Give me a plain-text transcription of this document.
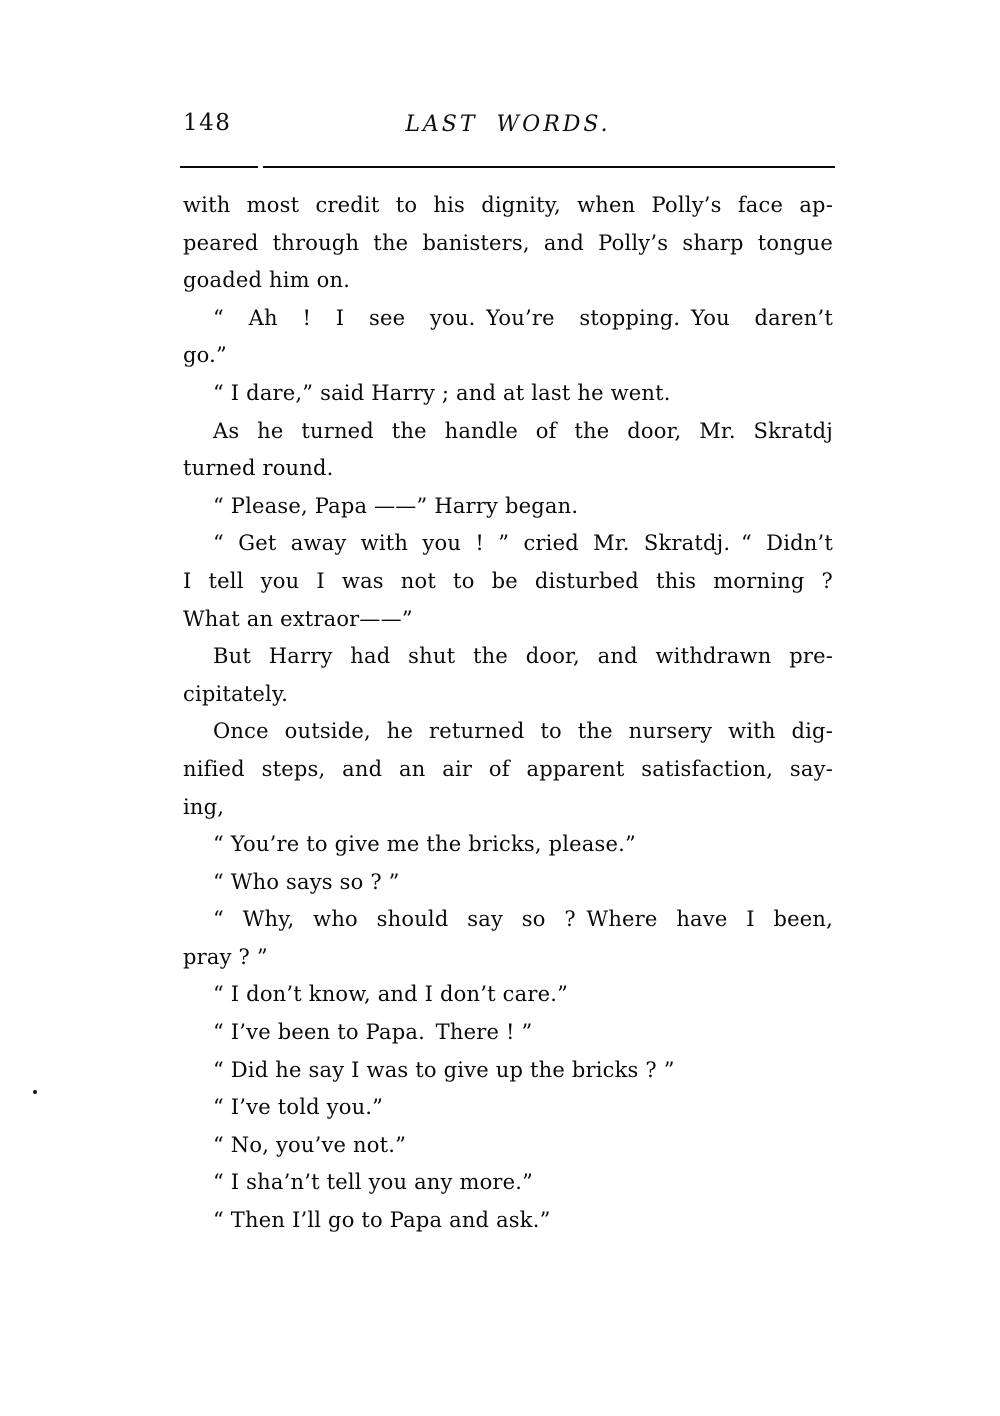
148	LAST WORDS.
with most credit to his dignity, when Polly’s face ap-
peared through the banisters, and Polly’s sharp tongue
goaded him on.
“ Ah ! I see you. You’re stopping. You daren’t
go.”
“ I dare,” said Harry ; and at last he went.
As he turned the handle of the door, Mr. Skratdj
turned round.
“ Please, Papa ——” Harry began.
“ Get away with you ! ” cried Mr. Skratdj. “ Didn’t
I tell you I was not to be disturbed this morning ?
What an extraor——”
But Harry had shut the door, and withdrawn pre-
cipitately.
Once outside, he returned to the nursery with dig-
nified steps, and an air of apparent satisfaction, say-
ing,
“ You’re to give me the bricks, please.”
“ Who says so ? ”
“ Why, who should say so ? Where have I been,
pray ? ”
“ I don’t know, and I don’t care.”
“ I’ve been to Papa. There ! ”
“ Did he say I was to give up the bricks ? ”
“ I’ve told you.”
“ No, you’ve not.”
“ I sha’n’t tell you any more.”
“ Then I’ll go to Papa and ask.”
